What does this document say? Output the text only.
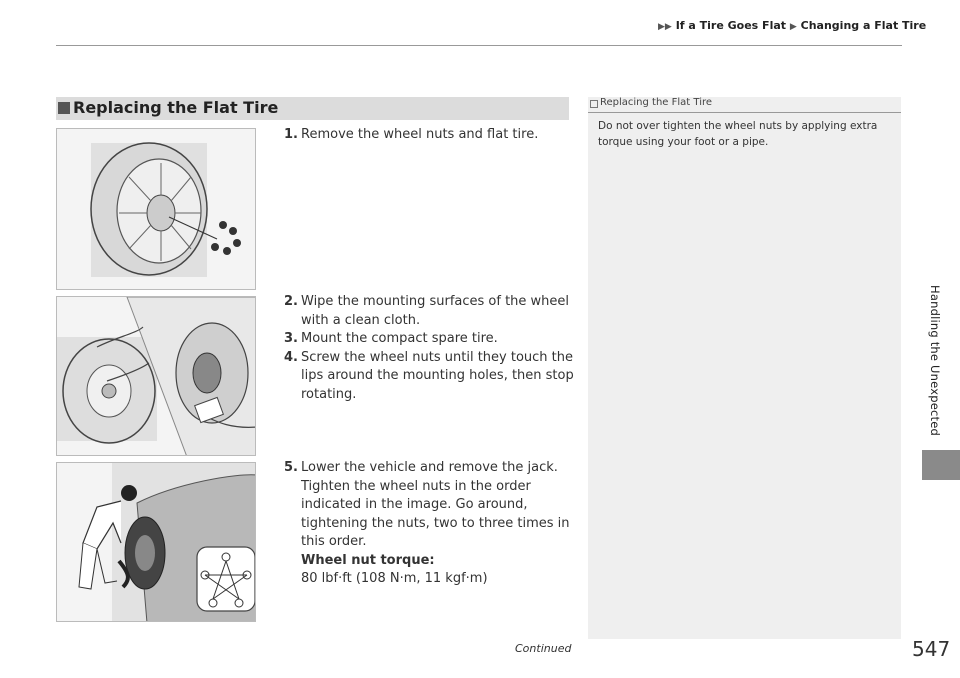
▶▶ If a Tire Goes Flat ▶ Changing a Flat Tire
Handling the Unexpected
Replacing the Flat Tire
1. Remove the wheel nuts and flat tire.
2. Wipe the mounting surfaces of the wheel with a clean cloth.
3. Mount the compact spare tire.
4. Screw the wheel nuts until they touch the lips around the mounting holes, then stop rotating.
5. Lower the vehicle and remove the jack. Tighten the wheel nuts in the order indicated in the image. Go around, tightening the nuts, two to three times in this order.
Wheel nut torque:
80 lbf·ft (108 N·m, 11 kgf·m)
Replacing the Flat Tire
Do not over tighten the wheel nuts by applying extra torque using your foot or a pipe.
Continued	547
